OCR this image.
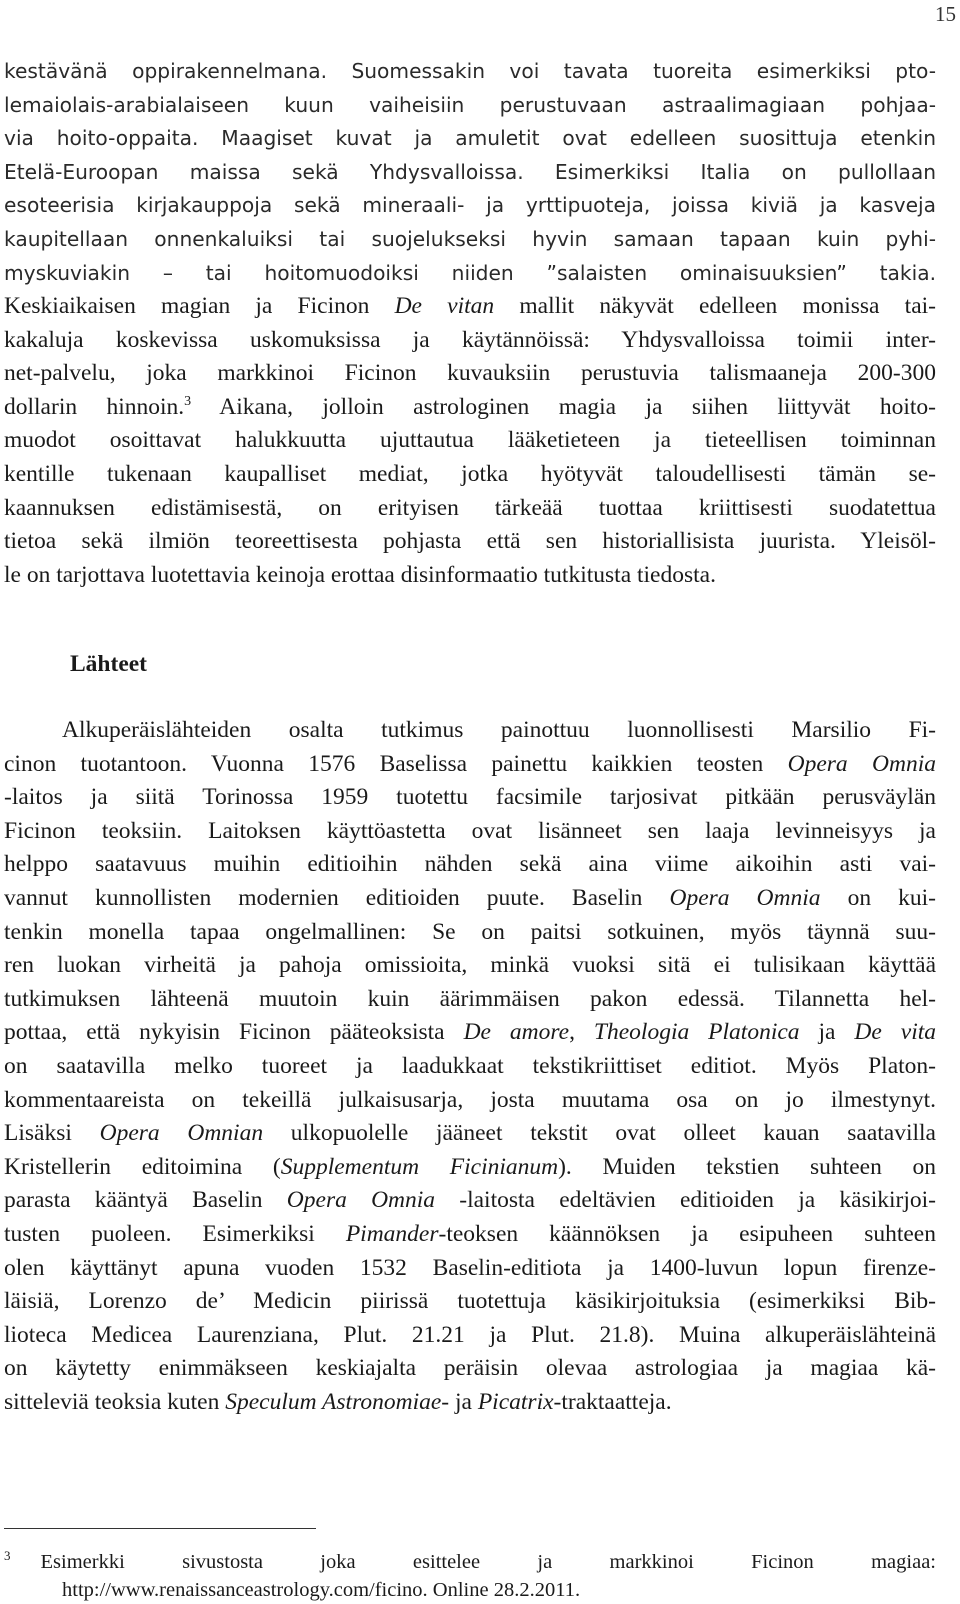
15
kestävänä oppirakennelmana. Suomessakin voi tavata tuoreita esimerkiksi pto-
lemaiolais-arabialaiseen kuun vaiheisiin perustuvaan astraalimagiaan pohjaa-
via hoito-oppaita. Maagiset kuvat ja amuletit ovat edelleen suosittuja etenkin
Etelä-Euroopan maissa sekä Yhdysvalloissa. Esimerkiksi Italia on pullollaan
esoteerisia kirjakauppoja sekä mineraali- ja yrttipuoteja, joissa kiviä ja kasveja
kaupitellaan onnenkaluiksi tai suojelukseksi hyvin samaan tapaan kuin pyhi-
myskuviakin – tai hoitomuodoiksi niiden ”salaisten ominaisuuksien” takia.
Keskiaikaisen magian ja Ficinon De vitan mallit näkyvät edelleen monissa tai-
kakaluja koskevissa uskomuksissa ja käytännöissä: Yhdysvalloissa toimii inter-
net-palvelu, joka markkinoi Ficinon kuvauksiin perustuvia talismaaneja 200-300
dollarin hinnoin.$^3$ Aikana, jolloin astrologinen magia ja siihen liittyvät hoito-
muodot osoittavat halukkuutta ujuttautua lääketieteen ja tieteellisen toiminnan
kentille tukenaan kaupalliset mediat, jotka hyötyvät taloudellisesti tämän se-
kaannuksen edistämisestä, on erityisen tärkeää tuottaa kriittisesti suodatettua
tietoa sekä ilmiön teoreettisesta pohjasta että sen historiallisista juurista. Yleisöl-
le on tarjottava luotettavia keinoja erottaa disinformaatio tutkitusta tiedosta.
Lähteet
Alkuperäislähteiden osalta tutkimus painottuu luonnollisesti Marsilio Fi-
cinon tuotantoon. Vuonna 1576 Baselissa painettu kaikkien teosten Opera Omnia
-laitos ja siitä Torinossa 1959 tuotettu facsimile tarjosivat pitkään perusväylän
Ficinon teoksiin. Laitoksen käyttöastetta ovat lisänneet sen laaja levinneisyys ja
helppo saatavuus muihin editioihin nähden sekä aina viime aikoihin asti vai-
vannut kunnollisten modernien editioiden puute. Baselin Opera Omnia on kui-
tenkin monella tapaa ongelmallinen: Se on paitsi sotkuinen, myös täynnä suu-
ren luokan virheitä ja pahoja omissioita, minkä vuoksi sitä ei tulisikaan käyttää
tutkimuksen lähteenä muutoin kuin äärimmäisen pakon edessä. Tilannetta hel-
pottaa, että nykyisin Ficinon pääteoksista De amore, Theologia Platonica ja De vita
on saatavilla melko tuoreet ja laadukkaat tekstikriittiset editiot. Myös Platon-
kommentaareista on tekeillä julkaisusarja, josta muutama osa on jo ilmestynyt.
Lisäksi Opera Omnian ulkopuolelle jääneet tekstit ovat olleet kauan saatavilla
Kristellerin editoimina (Supplementum Ficinianum). Muiden tekstien suhteen on
parasta kääntyä Baselin Opera Omnia -laitosta edeltävien editioiden ja käsikirjoi-
tusten puoleen. Esimerkiksi Pimander-teoksen käännöksen ja esipuheen suhteen
olen käyttänyt apuna vuoden 1532 Baselin-editiota ja 1400-luvun lopun firenze-
läisiä, Lorenzo de’ Medicin piirissä tuotettuja käsikirjoituksia (esimerkiksi Bib-
lioteca Medicea Laurenziana, Plut. 21.21 ja Plut. 21.8). Muina alkuperäislähteinä
on käytetty enimmäkseen keskiajalta peräisin olevaa astrologiaa ja magiaa kä-
sitteleviä teoksia kuten Speculum Astronomiae- ja Picatrix-traktaatteja.
$^3$ Esimerkki sivustosta joka esittelee ja markkinoi Ficinon magiaa:
http://www.renaissanceastrology.com/ficino. Online 28.2.2011.
